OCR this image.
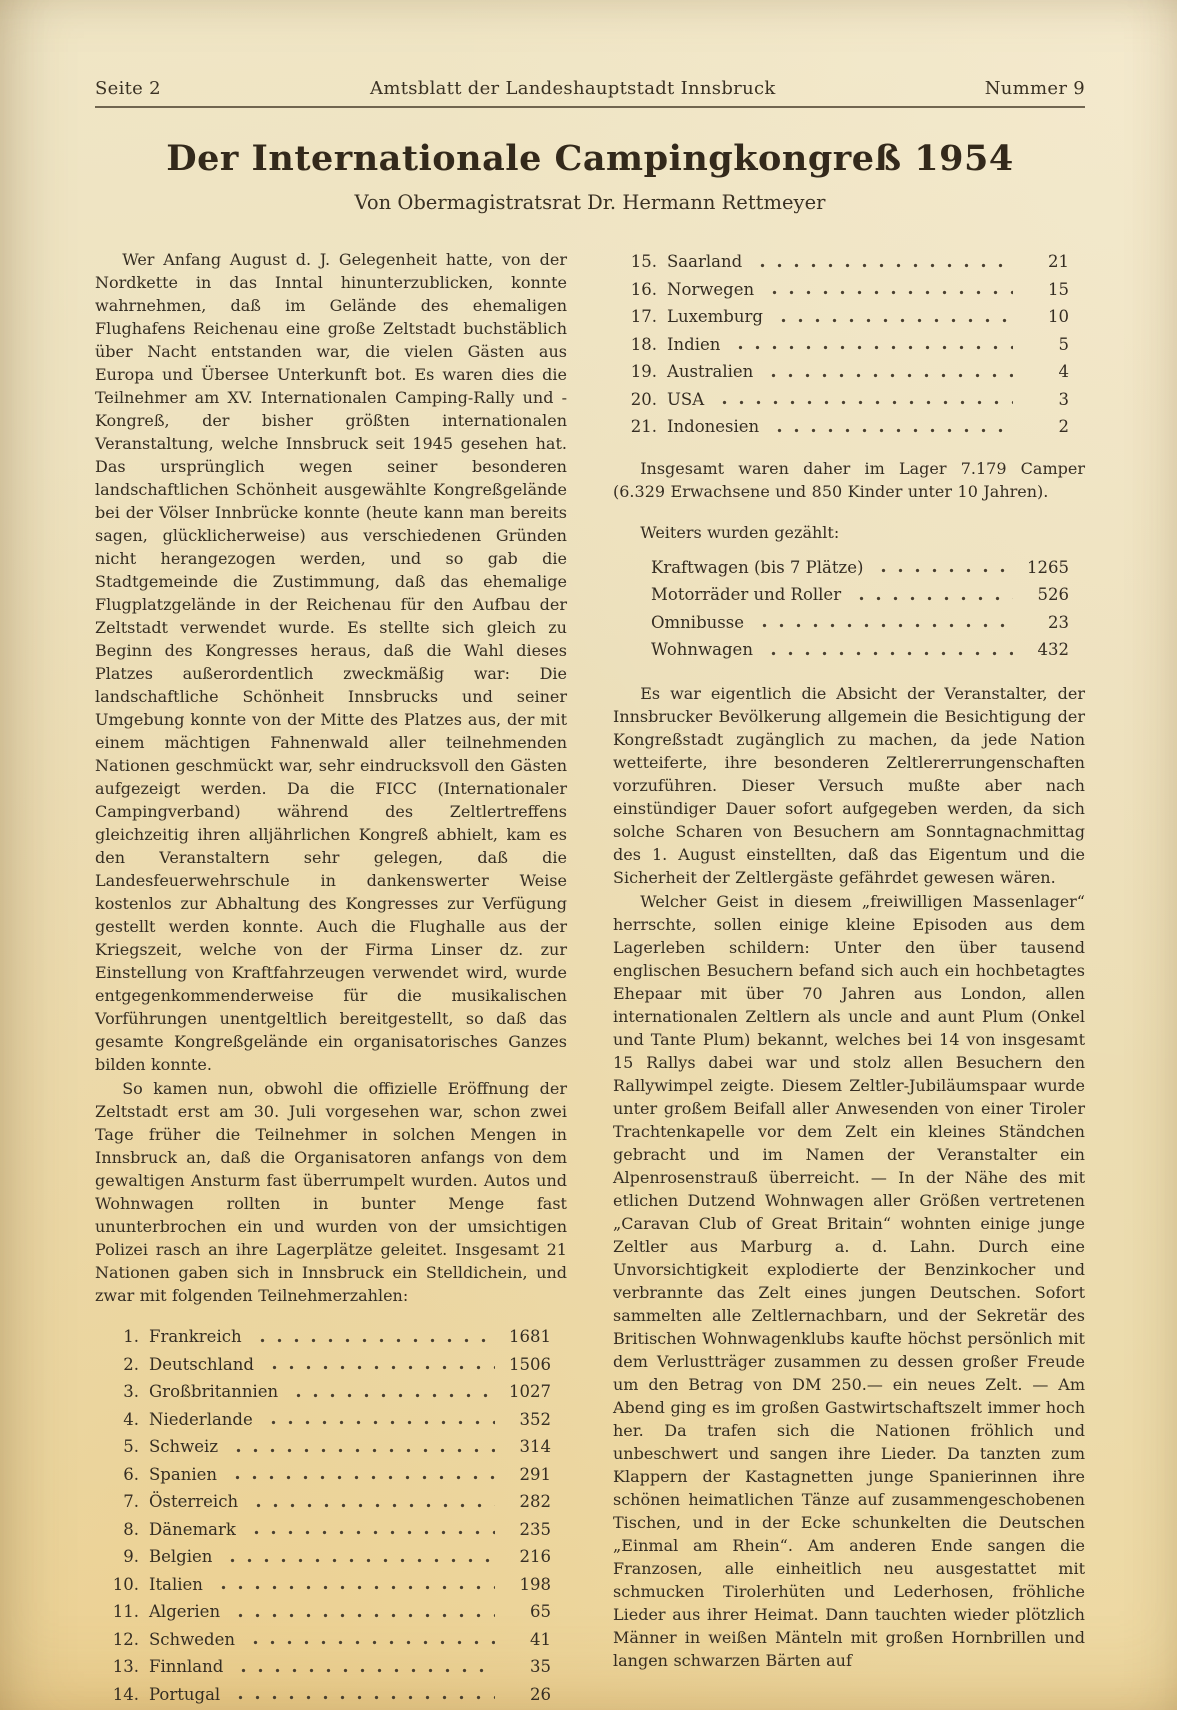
Seite 2	Amtsblatt der Landeshauptstadt Innsbruck	Nummer 9
Der Internationale Campingkongreß 1954
Von Obermagistratsrat Dr. Hermann Rettmeyer

Wer Anfang August d. J. Gelegenheit hatte, von der Nordkette in das Inntal hinunterzublicken, konnte wahrnehmen, daß im Gelände des ehemaligen Flughafens Reichenau eine große Zeltstadt buchstäblich über Nacht entstanden war, die vielen Gästen aus Europa und Übersee Unterkunft bot. Es waren dies die Teilnehmer am XV. Internationalen Camping-Rally und -Kongreß, der bisher größten internationalen Veranstaltung, welche Innsbruck seit 1945 gesehen hat. Das ursprünglich wegen seiner besonderen landschaftlichen Schönheit ausgewählte Kongreßgelände bei der Völser Innbrücke konnte (heute kann man bereits sagen, glücklicherweise) aus verschiedenen Gründen nicht herangezogen werden, und so gab die Stadtgemeinde die Zustimmung, daß das ehemalige Flugplatzgelände in der Reichenau für den Aufbau der Zeltstadt verwendet wurde. Es stellte sich gleich zu Beginn des Kongresses heraus, daß die Wahl dieses Platzes außerordentlich zweckmäßig war: Die landschaftliche Schönheit Innsbrucks und seiner Umgebung konnte von der Mitte des Platzes aus, der mit einem mächtigen Fahnenwald aller teilnehmenden Nationen geschmückt war, sehr eindrucksvoll den Gästen aufgezeigt werden. Da die FICC (Internationaler Campingverband) während des Zeltlertreffens gleichzeitig ihren alljährlichen Kongreß abhielt, kam es den Veranstaltern sehr gelegen, daß die Landesfeuerwehrschule in dankenswerter Weise kostenlos zur Abhaltung des Kongresses zur Verfügung gestellt werden konnte. Auch die Flughalle aus der Kriegszeit, welche von der Firma Linser dz. zur Einstellung von Kraftfahrzeugen verwendet wird, wurde entgegenkommenderweise für die musikalischen Vorführungen unentgeltlich bereitgestellt, so daß das gesamte Kongreßgelände ein organisatorisches Ganzes bilden konnte.

So kamen nun, obwohl die offizielle Eröffnung der Zeltstadt erst am 30. Juli vorgesehen war, schon zwei Tage früher die Teilnehmer in solchen Mengen in Innsbruck an, daß die Organisatoren anfangs von dem gewaltigen Ansturm fast überrumpelt wurden. Autos und Wohnwagen rollten in bunter Menge fast ununterbrochen ein und wurden von der umsichtigen Polizei rasch an ihre Lagerplätze geleitet. Insgesamt 21 Nationen gaben sich in Innsbruck ein Stelldichein, und zwar mit folgenden Teilnehmerzahlen:

1. Frankreich	1681
2. Deutschland	1506
3. Großbritannien	1027
4. Niederlande	352
5. Schweiz	314
6. Spanien	291
7. Österreich	282
8. Dänemark	235
9. Belgien	216
10. Italien	198
11. Algerien	65
12. Schweden	41
13. Finnland	35
14. Portugal	26
15. Saarland	21
16. Norwegen	15
17. Luxemburg	10
18. Indien	5
19. Australien	4
20. USA	3
21. Indonesien	2

Insgesamt waren daher im Lager 7.179 Camper (6.329 Erwachsene und 850 Kinder unter 10 Jahren).

Weiters wurden gezählt:

Kraftwagen (bis 7 Plätze)	1265
Motorräder und Roller	526
Omnibusse	23
Wohnwagen	432

Es war eigentlich die Absicht der Veranstalter, der Innsbrucker Bevölkerung allgemein die Besichtigung der Kongreßstadt zugänglich zu machen, da jede Nation wetteiferte, ihre besonderen Zeltlererrungenschaften vorzuführen. Dieser Versuch mußte aber nach einstündiger Dauer sofort aufgegeben werden, da sich solche Scharen von Besuchern am Sonntagnachmittag des 1. August einstellten, daß das Eigentum und die Sicherheit der Zeltlergäste gefährdet gewesen wären.

Welcher Geist in diesem „freiwilligen Massenlager“ herrschte, sollen einige kleine Episoden aus dem Lagerleben schildern: Unter den über tausend englischen Besuchern befand sich auch ein hochbetagtes Ehepaar mit über 70 Jahren aus London, allen internationalen Zeltlern als uncle and aunt Plum (Onkel und Tante Plum) bekannt, welches bei 14 von insgesamt 15 Rallys dabei war und stolz allen Besuchern den Rallywimpel zeigte. Diesem Zeltler-Jubiläumspaar wurde unter großem Beifall aller Anwesenden von einer Tiroler Trachtenkapelle vor dem Zelt ein kleines Ständchen gebracht und im Namen der Veranstalter ein Alpenrosenstrauß überreicht. — In der Nähe des mit etlichen Dutzend Wohnwagen aller Größen vertretenen „Caravan Club of Great Britain“ wohnten einige junge Zeltler aus Marburg a. d. Lahn. Durch eine Unvorsichtigkeit explodierte der Benzinkocher und verbrannte das Zelt eines jungen Deutschen. Sofort sammelten alle Zeltlernachbarn, und der Sekretär des Britischen Wohnwagenklubs kaufte höchst persönlich mit dem Verlustträger zusammen zu dessen großer Freude um den Betrag von DM 250.— ein neues Zelt. — Am Abend ging es im großen Gastwirtschaftszelt immer hoch her. Da trafen sich die Nationen fröhlich und unbeschwert und sangen ihre Lieder. Da tanzten zum Klappern der Kastagnetten junge Spanierinnen ihre schönen heimatlichen Tänze auf zusammengeschobenen Tischen, und in der Ecke schunkelten die Deutschen „Einmal am Rhein“. Am anderen Ende sangen die Franzosen, alle einheitlich neu ausgestattet mit schmucken Tirolerhüten und Lederhosen, fröhliche Lieder aus ihrer Heimat. Dann tauchten wieder plötzlich Männer in weißen Mänteln mit großen Hornbrillen und langen schwarzen Bärten auf
